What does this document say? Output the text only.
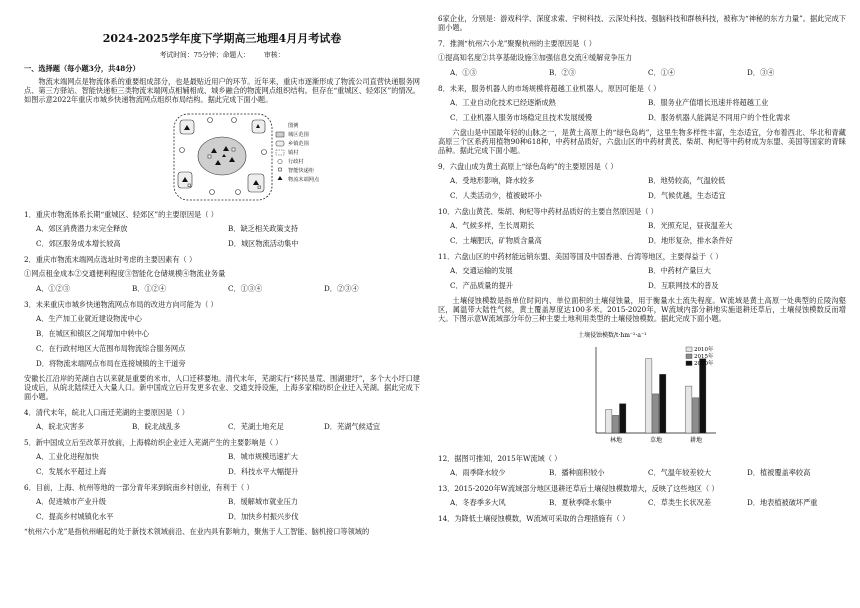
2024-2025学年度下学期高三地理4月月考试卷
考试时间：75分钟；命题人： 审核：
一、选择题（每小题3分，共48分）

物流末端网点是物流体系的重要组成部分，也是最贴近用户的环节。近年来，重庆市逐渐形成了物流公司直营快递服务网点、第三方驿站、智能快递柜三类物流末端网点相辅相成、城乡融合的物流网点组织结构。但存在“重城区、轻郊区”的情况。如图示意2022年重庆市城乡快递物流网点组织布局结构。据此完成下面小题。

图例
城区范围
乡镇范围
镇村
行政村
智能快递柜
物流末端网点
1．重庆市物流体系长期“重城区、轻郊区”的主要原因是（ ）
A．郊区消费潜力未完全释放	B．缺乏相关政策支持
C．郊区服务成本增长较高	D．城区物流活动集中
2．重庆市物流末端网点选址时考虑的主要因素有（ ）
①网点租金成本②交通便利程度③智能化仓储规模④物流业务量
A．①②③	B．①②④	C．①③④	D．②③④
3．未来重庆市城乡快递物流网点布局的改进方向可能为（ ）
A．生产加工业就近建设物流中心
B．在城区和镇区之间增加中转中心
C．在行政村地区大范围布局物流综合服务网点
D．将物流末端网点布局在连接城镇的主干道旁

安徽长江沿岸的芜湖自古以来就是重要的米市、人口迁移要地。清代末年，芜湖实行“移民垦荒、围湖建圩”，多个大小圩口建设成后，从皖北陆续迁入大量人口。新中国成立后开发更多农业、交通支持设施，上海多家棉纺织企业迁入芜湖。据此完成下面小题。

4．清代末年，皖北人口南迁芜湖的主要原因是（ ）
A．皖北灾害多	B．皖北战乱多	C．芜湖土地充足	D．芜湖气候适宜
5．新中国成立后至改革开放前，上海棉纺织企业迁入芜湖产生的主要影响是（ ）
A．工业化进程加快	B．城市规模迅速扩大
C．发展水平超过上海	D．科技水平大幅提升
6．目前，上海、杭州等地的一部分青年来到皖南乡村创业，有利于（ ）
A．促进城市产业升级	B．缓解城市就业压力
C．提高乡村城镇化水平	D．加快乡村振兴步伐

“杭州六小龙”是指杭州崛起的处于新技术领域前沿、在业内具有影响力，聚焦于人工智能、脑机接口等领域的

6家企业，分别是：游戏科学、深度求索、宇树科技、云深处科技、强脑科技和群核科技，被称为“神秘的东方力量”。据此完成下面小题。

7．推测“杭州六小龙”聚聚杭州的主要原因是（ ）
①提高知名度②共享基础设施③加强信息交流④缓解竞争压力
A．①③	B．②③	C．①④	D．③④
8．未来，服务机器人的市场规模将超越工业机器人，原因可能是（ ）
A．工业自动化技术已经逐渐成熟	B．服务业产值增长迅速并将超越工业
C．工业机器人服务市场稳定且技术发展缓慢	D．服务机器人能满足不同用户的个性化需求

六盘山是中国最年轻的山脉之一，是黄土高原上的“绿色岛屿”，这里生物多样性丰富，生态适宜，分布着西北、华北和青藏高原三个区系药用植物90种618种，中药材品质好，六盘山区的中药材黄芪、柴胡、枸杞等中药材成为东盟、美国等国家的青睐品种。据此完成下面小题。

9．六盘山成为黄土高原上“绿色岛屿”的主要原因是（ ）
A．受地形影响，降水较多	B．地势较高，气温较低
C．人类活动少，植被破坏小	D．气候优越，生态适宜
10．六盘山黄芪、柴胡、枸杞等中药材品质好的主要自然原因是（ ）
A．气候多样，生长周期长	B．光照充足，昼夜温差大
C．土壤肥沃，矿物质含量高	D．地形复杂，排水条件好
11．六盘山区的中药材能远销东盟、美国等国及中国香港、台湾等地区，主要得益于（ ）
A．交通运输的发展	B．中药材产量巨大
C．产品质量的提升	D．互联网技术的普及

土壤侵蚀模数是指单位时间内、单位面积的土壤侵蚀量，用于衡量水土流失程度。W流域是黄土高原一处典型的丘陵沟壑区，属温带大陆性气候，黄土覆盖厚度达100多米。2015-2020年，W流域内部分耕地实施退耕还草后，土壤侵蚀模数反而增大。下图示意W流域部分年份三种主要土地利用类型的土壤侵蚀模数。据此完成下面小题。

土壤侵蚀模数/t·hm⁻²·a⁻¹
林地	草地	耕地
2010年
2015年
2020年
12．据图可推知，2015年W流域（ ）
A．雨季降水较少	B．播种面积较小	C．气温年较差较大	D．植被覆盖率较高
13．2015-2020年W流域部分地区退耕还草后土壤侵蚀模数增大，反映了这些地区（ ）
A．冬春季多大风	B．夏秋季降水集中	C．草类生长状况差	D．地表植被破坏严重
14．为降低土壤侵蚀模数，W流域可采取的合理措施有（ ）
